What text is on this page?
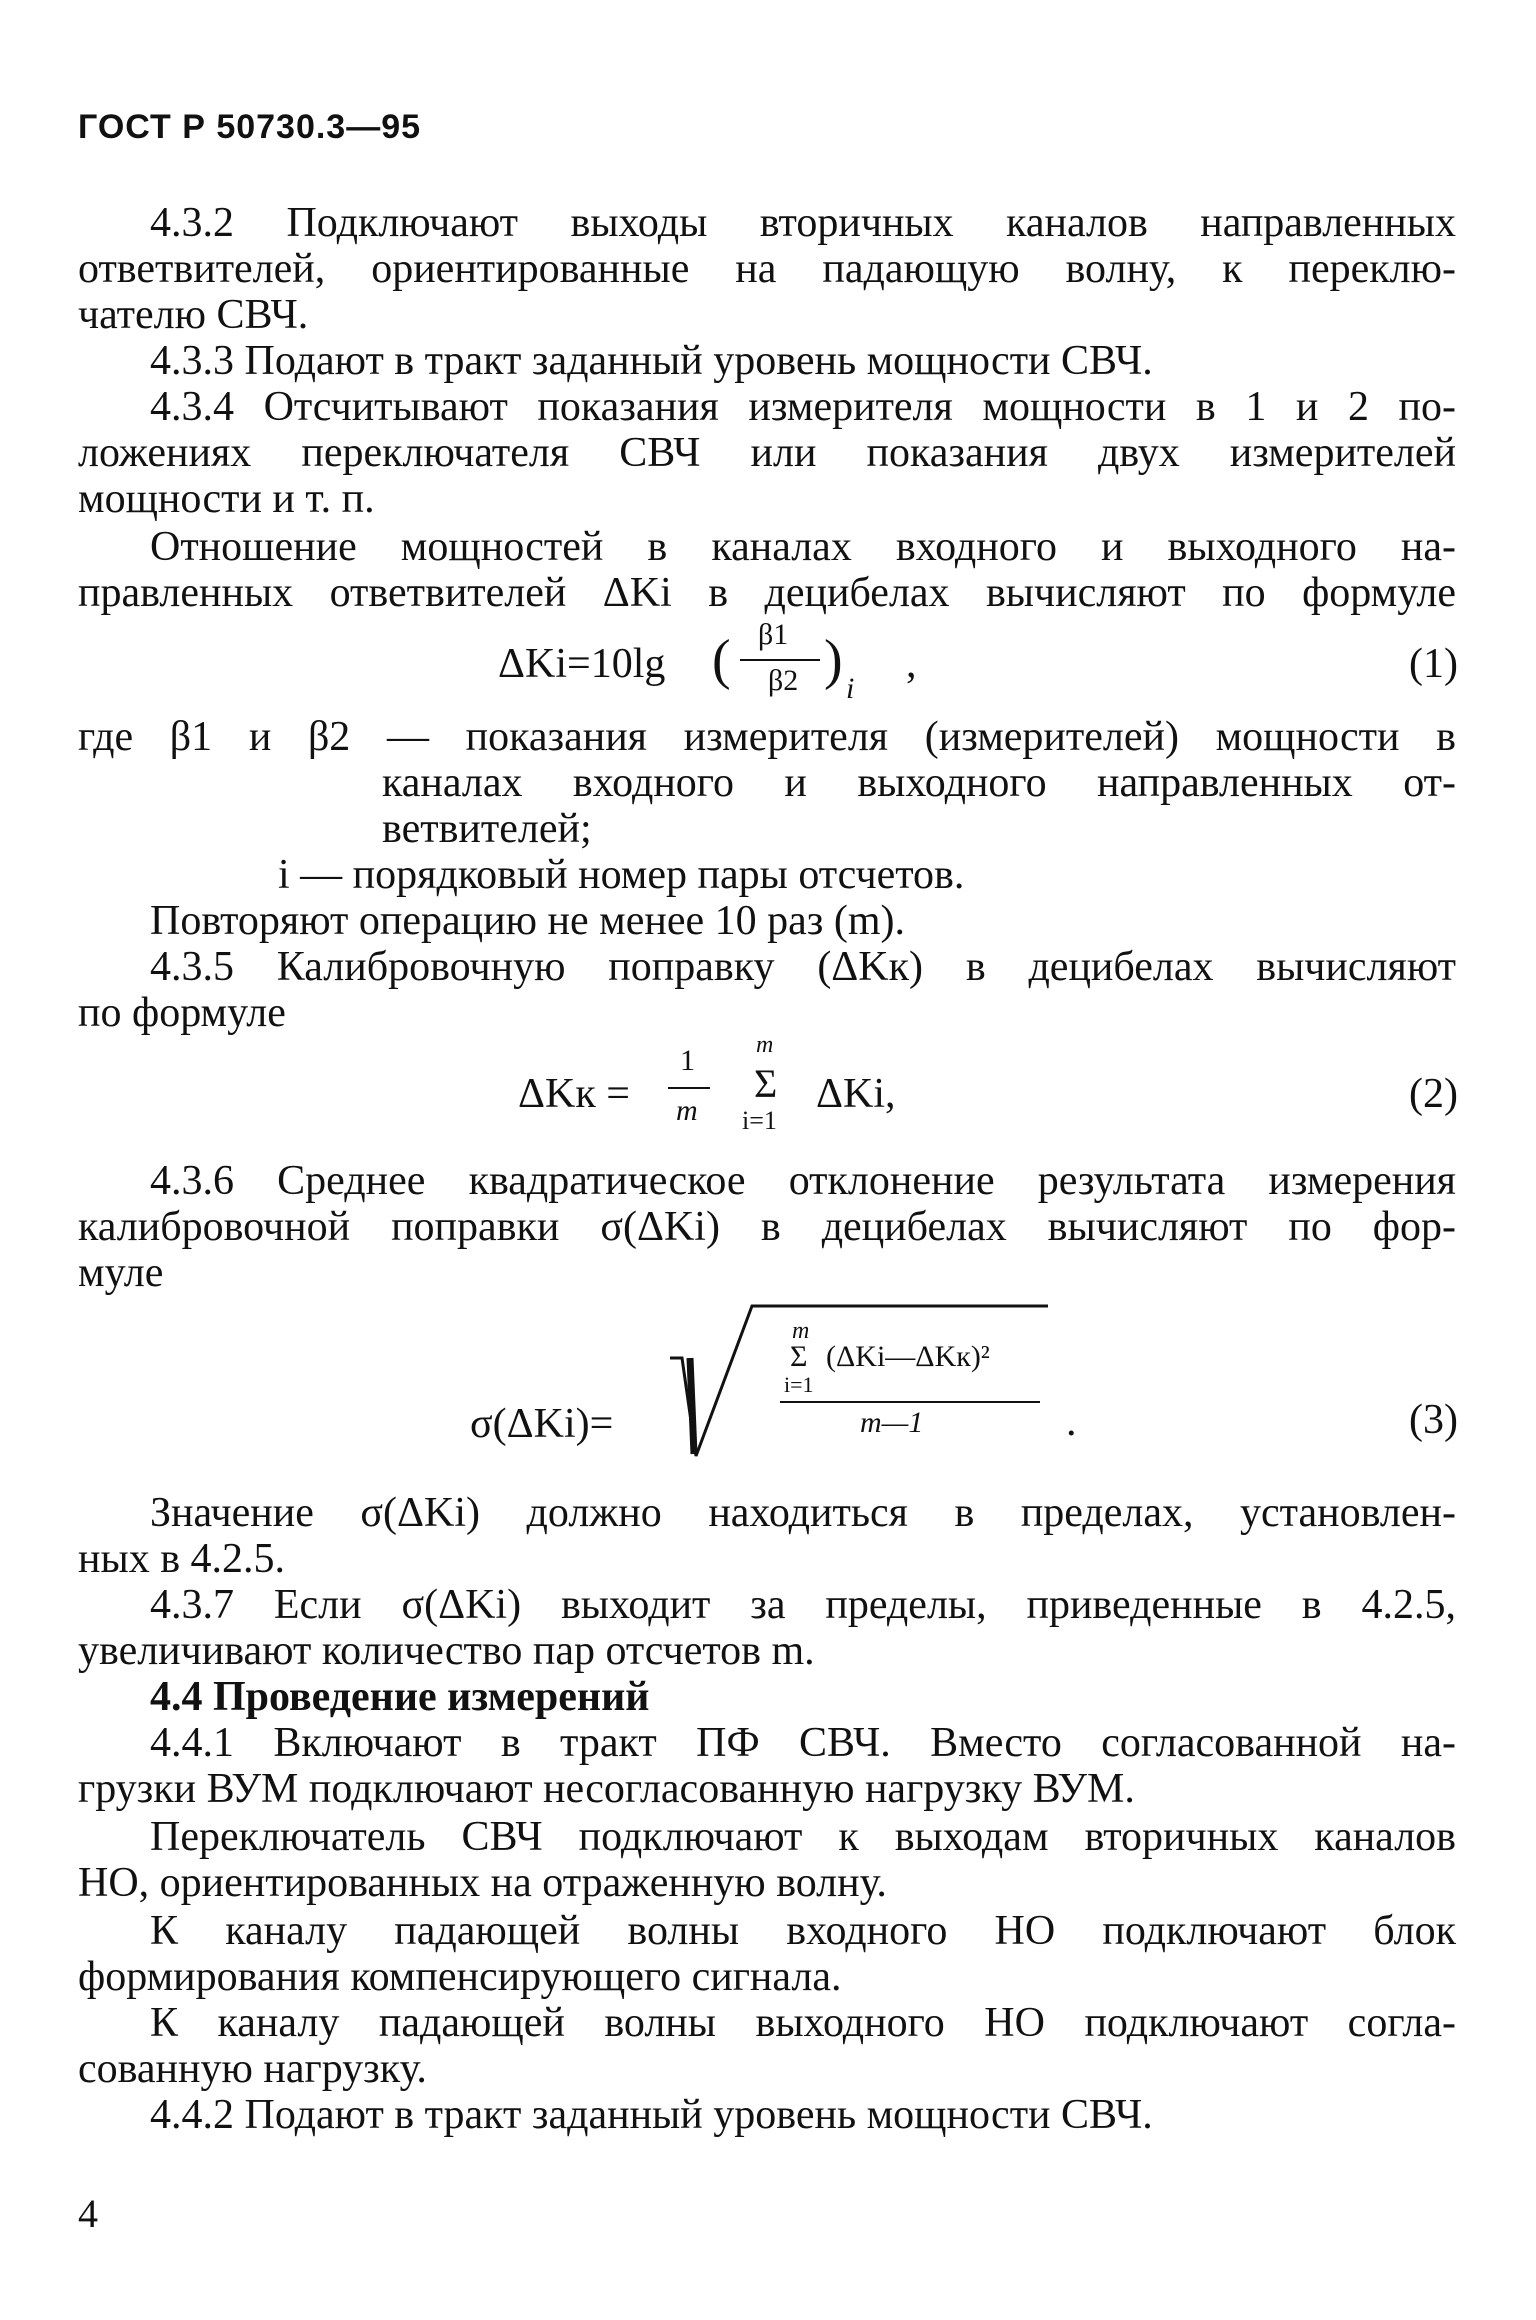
ГОСТ Р 50730.3—95
4.3.2 Подключают выходы вторичных каналов направленных
ответвителей, ориентированные на падающую волну, к переклю-
чателю СВЧ.
4.3.3 Подают в тракт заданный уровень мощности СВЧ.
4.3.4 Отсчитывают показания измерителя мощности в 1 и 2 по-
ложениях переключателя СВЧ или показания двух измерителей
мощности и т. п.
Отношение мощностей в каналах входного и выходного на-
правленных ответвителей ΔKi в децибелах вычисляют по формуле
ΔKi=10lg ( β1
β2 ) i
,	(1)
где β1 и β2 — показания измерителя (измерителей) мощности в
каналах входного и выходного направленных от-
ветвителей;
i — порядковый номер пары отсчетов.
Повторяют операцию не менее 10 раз (m).
4.3.5 Калибровочную поправку (ΔKк) в децибелах вычисляют
по формуле
ΔKк =
1
m
m
Σ
i=1
ΔKi,	(2)
4.3.6 Среднее квадратическое отклонение результата измерения
калибровочной поправки σ(ΔKi) в децибелах вычисляют по фор-
муле
σ(ΔKi)=
m
Σ
i=1
(ΔKi—ΔKк)²
m—1	.	(3)
Значение σ(ΔKi) должно находиться в пределах, установлен-
ных в 4.2.5.
4.3.7 Если σ(ΔKi) выходит за пределы, приведенные в 4.2.5,
увеличивают количество пар отсчетов m.
4.4 Проведение измерений
4.4.1 Включают в тракт ПФ СВЧ. Вместо согласованной на-
грузки ВУМ подключают несогласованную нагрузку ВУМ.
Переключатель СВЧ подключают к выходам вторичных каналов
НО, ориентированных на отраженную волну.
К каналу падающей волны входного НО подключают блок
формирования компенсирующего сигнала.
К каналу падающей волны выходного НО подключают согла-
сованную нагрузку.
4.4.2 Подают в тракт заданный уровень мощности СВЧ.
4
